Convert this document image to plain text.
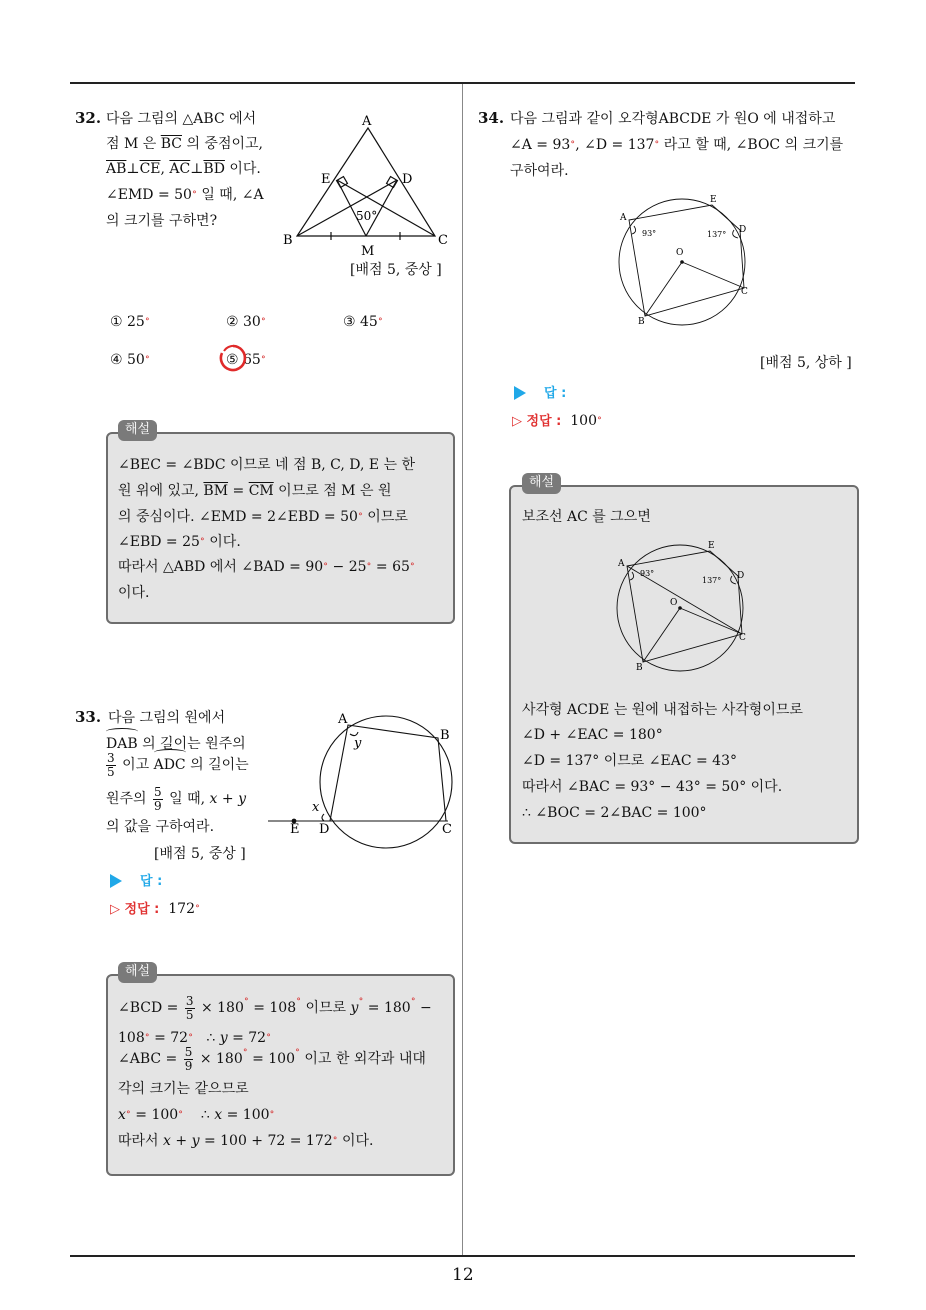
12
32. 다음 그림의 △ABC 에서
점 M 은 $\overline{BC}$ 의 중점이고,
$\overline{AB}\perp\overline{CE}$, $\overline{AC}\perp\overline{BD}$ 이다.
∠EMD = 50∘ 일 때, ∠A
의 크기를 구하면?
A
B	C
D
E
M
50°
[배점 5, 중상 ]
① 25∘	② 30∘	③ 45∘
④ 50∘	⑤ 65∘
해설
∠BEC = ∠BDC 이므로 네 점 B, C, D, E 는 한
원 위에 있고, $\overline{BM} = \overline{CM}$ 이므로 점 M 은 원
의 중심이다. ∠EMD = 2∠EBD = 50∘ 이므로
∠EBD = 25∘ 이다.
따라서 △ABD 에서 ∠BAD = 90∘ − 25∘ = 65∘
이다.
33. 다음 그림의 원에서
DAB
의 길이는 원주의
$\frac{3}{5}$ 이고 ADC
의 길이는
원주의 $\frac{5}{9}$ 일 때, x + y
의 값을 구하여라.
[배점 5, 중상 ]
A
B
C
D
E
x
y
답 :
▷ 정답 :  172∘
해설
∠BCD = $\frac{3}{5} \times 180^\circ = 108^\circ$ 이므로 y∘ = 180∘ −
108∘ = 72∘   ∴ y = 72∘
∠ABC = $\frac{5}{9} \times 180^\circ = 100^\circ$ 이고 한 외각과 내대
각의 크기는 같으므로
x∘ = 100∘    ∴ x = 100∘
따라서 x + y = 100 + 72 = 172∘ 이다.
34. 다음 그림과 같이 오각형ABCDE 가 원O 에 내접하고
∠A = 93∘, ∠D = 137∘ 라고 할 때, ∠BOC 의 크기를
구하여라.
A
B
C
D
E
O
93°	137°
[배점 5, 상하 ]
답 :
▷ 정답 :  100∘
해설
보조선 AC 를 그으면
A
B
C
D
E
O
93°
137°
사각형 ACDE 는 원에 내접하는 사각형이므로
∠D + ∠EAC = 180°
∠D = 137° 이므로 ∠EAC = 43°
따라서 ∠BAC = 93° − 43° = 50° 이다.
∴ ∠BOC = 2∠BAC = 100°
